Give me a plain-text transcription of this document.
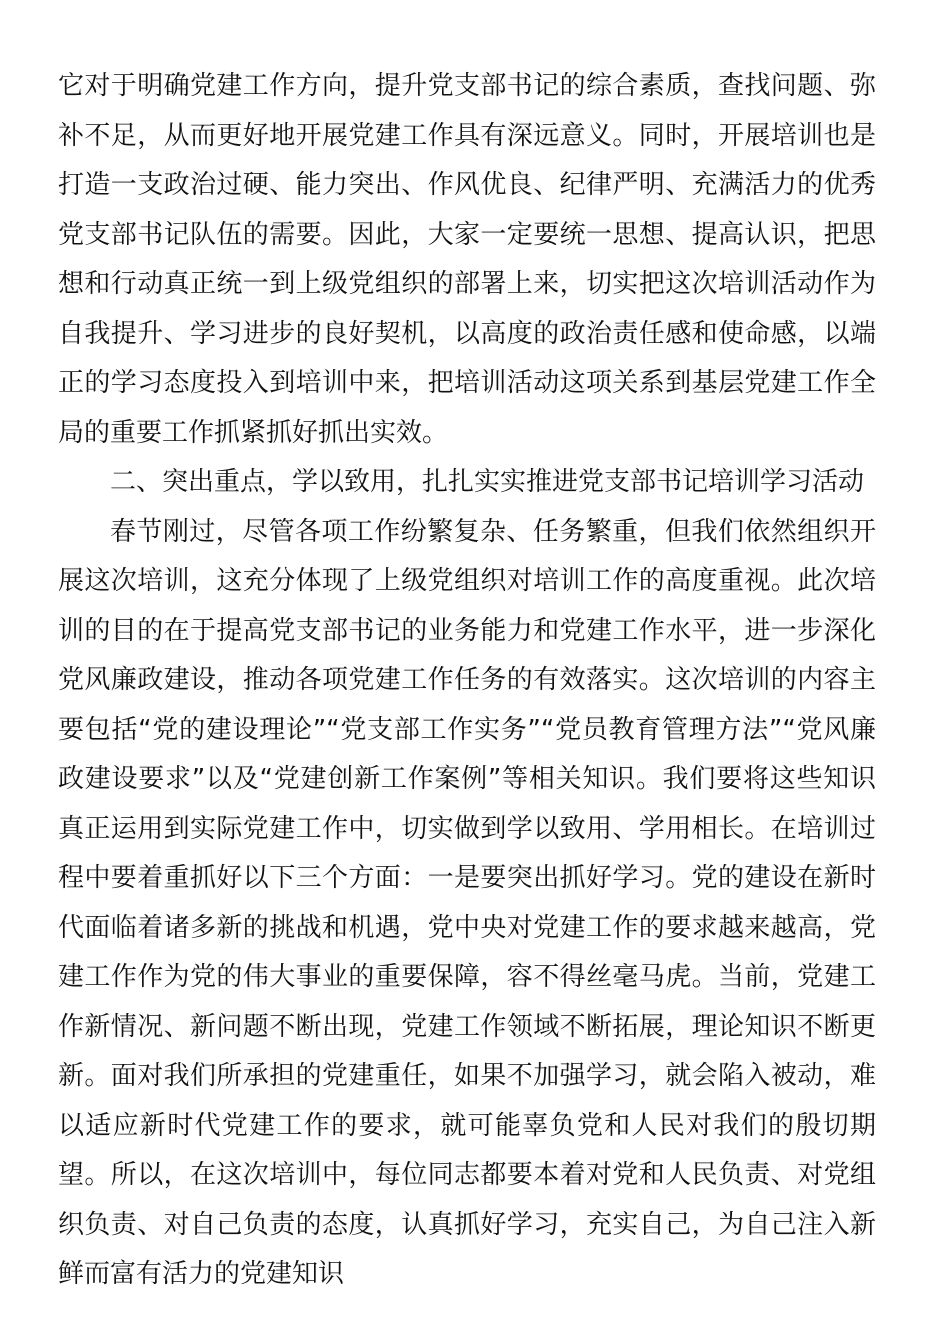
它对于明确党建工作方向，提升党支部书记的综合素质，查找问题、弥补不足，从而更好地开展党建工作具有深远意义。同时，开展培训也是打造一支政治过硬、能力突出、作风优良、纪律严明、充满活力的优秀党支部书记队伍的需要。因此，大家一定要统一思想、提高认识，把思想和行动真正统一到上级党组织的部署上来，切实把这次培训活动作为自我提升、学习进步的良好契机，以高度的政治责任感和使命感，以端正的学习态度投入到培训中来，把培训活动这项关系到基层党建工作全局的重要工作抓紧抓好抓出实效。

二、突出重点，学以致用，扎扎实实推进党支部书记培训学习活动

春节刚过，尽管各项工作纷繁复杂、任务繁重，但我们依然组织开展这次培训，这充分体现了上级党组织对培训工作的高度重视。此次培训的目的在于提高党支部书记的业务能力和党建工作水平，进一步深化党风廉政建设，推动各项党建工作任务的有效落实。这次培训的内容主要包括“党的建设理论”“党支部工作实务”“党员教育管理方法”“党风廉政建设要求”以及“党建创新工作案例”等相关知识。我们要将这些知识真正运用到实际党建工作中，切实做到学以致用、学用相长。在培训过程中要着重抓好以下三个方面：一是要突出抓好学习。党的建设在新时代面临着诸多新的挑战和机遇，党中央对党建工作的要求越来越高，党建工作作为党的伟大事业的重要保障，容不得丝毫马虎。当前，党建工作新情况、新问题不断出现，党建工作领域不断拓展，理论知识不断更新。面对我们所承担的党建重任，如果不加强学习，就会陷入被动，难以适应新时代党建工作的要求，就可能辜负党和人民对我们的殷切期望。所以，在这次培训中，每位同志都要本着对党和人民负责、对党组织负责、对自己负责的态度，认真抓好学习，充实自己，为自己注入新鲜而富有活力的党建知识
